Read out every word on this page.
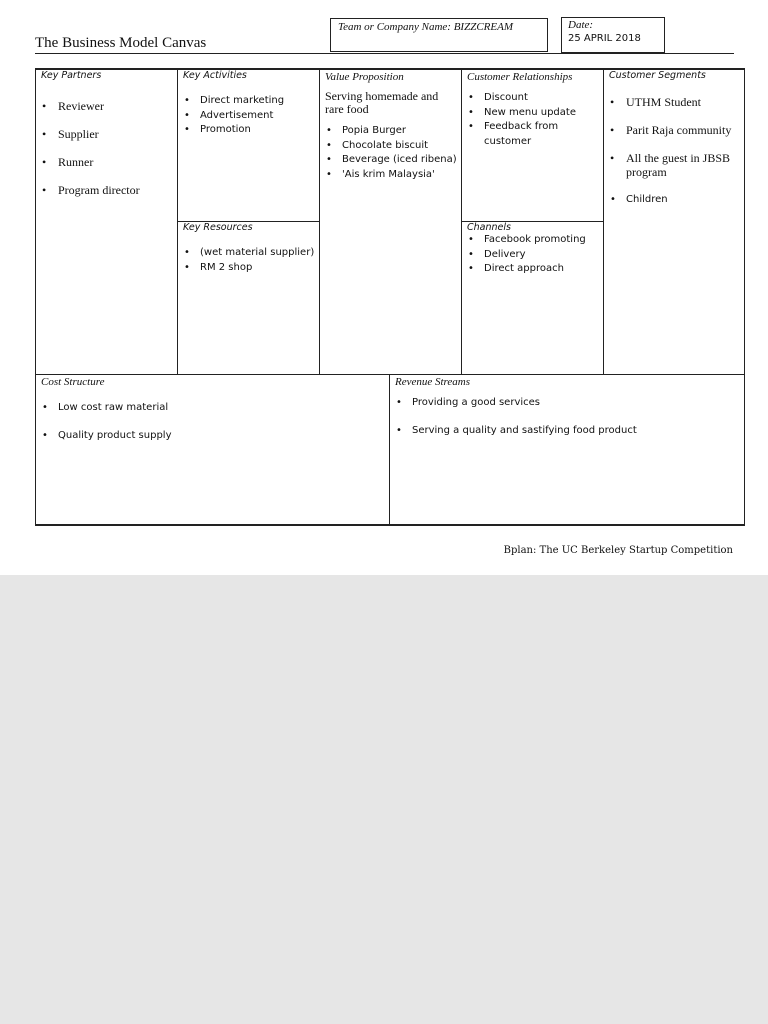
The Business Model Canvas
Team or Company Name: BIZZCREAM	Date:
25 APRIL 2018
Key Partners
• Reviewer
• Supplier
• Runner
• Program director
Key Activities
• Direct marketing
• Advertisement
• Promotion
Key Resources
• (wet material supplier)
• RM 2 shop
Value Proposition

Serving homemade and rare food

• Popia Burger
• Chocolate biscuit
• Beverage (iced ribena)
• 'Ais krim Malaysia'
Customer Relationships
• Discount
• New menu update
• Feedback from customer
Channels
• Facebook promoting
• Delivery
• Direct approach
Customer Segments
• UTHM Student
• Parit Raja community
• All the guest in JBSB program
• Children
Cost Structure
• Low cost raw material
• Quality product supply
Revenue Streams
• Providing a good services
• Serving a quality and sastifying food product
Bplan: The UC Berkeley Startup Competition
